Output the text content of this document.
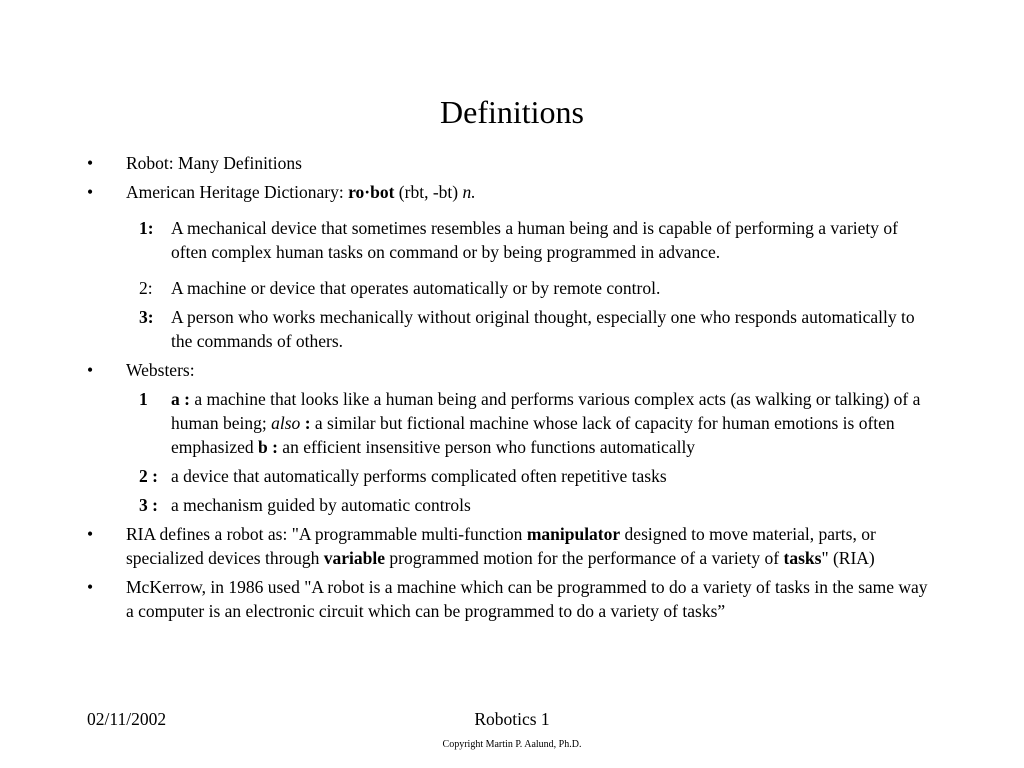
Definitions
• Robot: Many Definitions
• American Heritage Dictionary: ro·bot (rbt, -bt) n.
1: A mechanical device that sometimes resembles a human being and is capable of performing a variety of often complex human tasks on command or by being programmed in advance.
2: A machine or device that operates automatically or by remote control.
3: A person who works mechanically without original thought, especially one who responds automatically to the commands of others.
• Websters:
1 a : a machine that looks like a human being and performs various complex acts (as walking or talking) of a human being; also : a similar but fictional machine whose lack of capacity for human emotions is often emphasized b : an efficient insensitive person who functions automatically
2 : a device that automatically performs complicated often repetitive tasks
3 : a mechanism guided by automatic controls
• RIA defines a robot as: "A programmable multi-function manipulator designed to move material, parts, or specialized devices through variable programmed motion for the performance of a variety of tasks" (RIA)
• McKerrow, in 1986 used "A robot is a machine which can be programmed to do a variety of tasks in the same way a computer is an electronic circuit which can be programmed to do a variety of tasks”
02/11/2002	Robotics 1
Copyright Martin P. Aalund, Ph.D.
